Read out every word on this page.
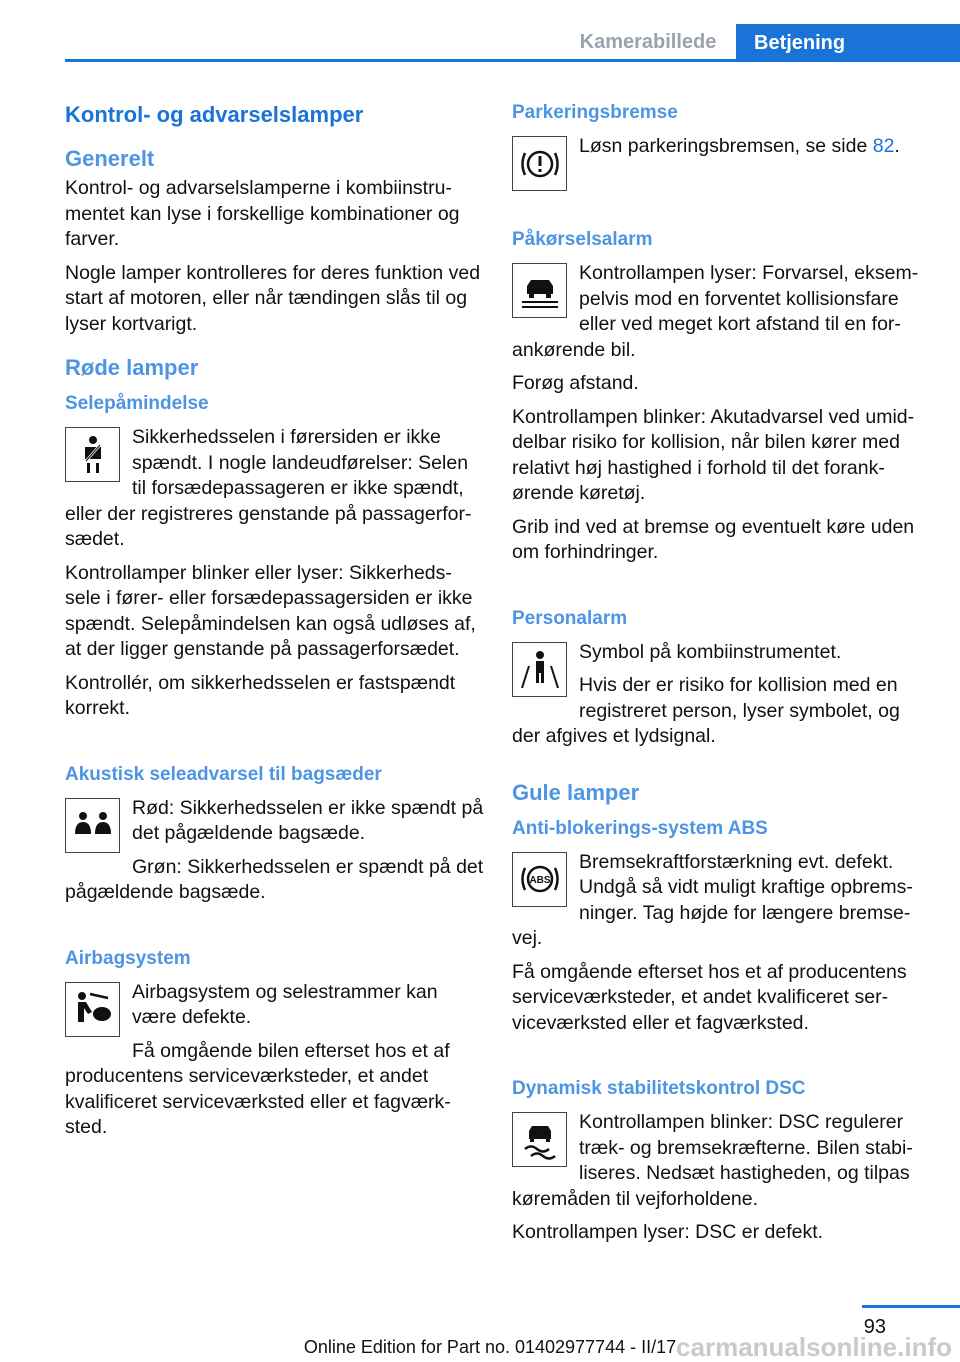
Kamerabillede	Betjening
Kontrol- og advarselslamper
Generelt

Kontrol- og advarselslamperne i kombiinstru-mentet kan lyse i forskellige kombinationer og farver.

Nogle lamper kontrolleres for deres funktion ved start af motoren, eller når tændingen slås til og lyser kortvarigt.

Røde lamper
Selepåmindelse

Sikkerhedsselen i førersiden er ikke spændt. I nogle landeudførelser: Selen til forsædepassageren er ikke spændt, eller der registreres genstande på passagerfor-sædet.

Kontrollamper blinker eller lyser: Sikkerheds-sele i fører- eller forsædepassagersiden er ikke spændt. Selepåmindelsen kan også udløses af, at der ligger genstande på passagerforsædet.

Kontrollér, om sikkerhedsselen er fastspændt korrekt.

Akustisk seleadvarsel til bagsæder

Rød: Sikkerhedsselen er ikke spændt på det pågældende bagsæde.

Grøn: Sikkerhedsselen er spændt på det pågældende bagsæde.

Airbagsystem

Airbagsystem og selestrammer kan være defekte.

Få omgående bilen efterset hos et af producentens serviceværksteder, et andet kvalificeret serviceværksted eller et fagværk-sted.

Parkeringsbremse

Løsn parkeringsbremsen, se side 82.

Påkørselsalarm

Kontrollampen lyser: Forvarsel, eksem-pelvis mod en forventet kollisionsfare eller ved meget kort afstand til en for-ankørende bil.

Forøg afstand.

Kontrollampen blinker: Akutadvarsel ved umid-delbar risiko for kollision, når bilen kører med relativt høj hastighed i forhold til det forank-ørende køretøj.

Grib ind ved at bremse og eventuelt køre uden om forhindringer.

Personalarm

Symbol på kombiinstrumentet.

Hvis der er risiko for kollision med en registreret person, lyser symbolet, og der afgives et lydsignal.

Gule lamper
Anti-blokerings-system ABS
ABS

Bremsekraftforstærkning evt. defekt. Undgå så vidt muligt kraftige opbrems-ninger. Tag højde for længere bremse-vej.

Få omgående efterset hos et af producentens serviceværksteder, et andet kvalificeret ser-viceværksted eller et fagværksted.

Dynamisk stabilitetskontrol DSC

Kontrollampen blinker: DSC regulerer træk- og bremsekræfterne. Bilen stabi-liseres. Nedsæt hastigheden, og tilpas køremåden til vejforholdene.

Kontrollampen lyser: DSC er defekt.

93
Online Edition for Part no. 01402977744 - II/17 carmanualsonline.info
